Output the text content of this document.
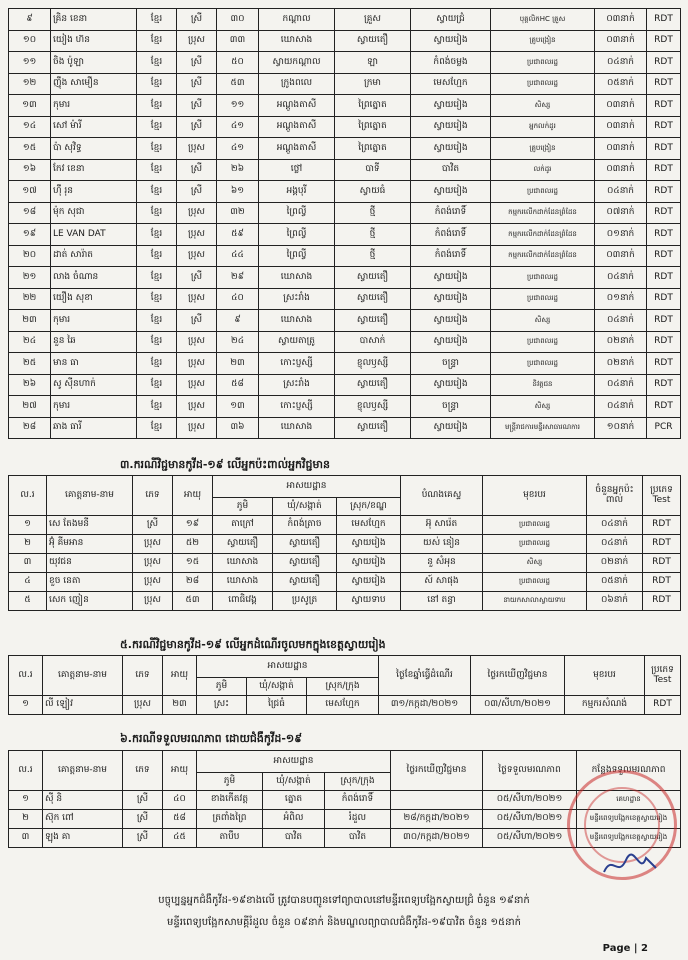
៩	គ្រិន ខេនា	ខ្មែរ	ស្រី	៣០	កណ្តាល	គ្រួស	ស្វាយជ្រំ	បុគ្គលិកHC គ្រួស	០៣នាក់	RDT
១០	យៀង ហ៊ន	ខ្មែរ	ប្រុស	៣៣	ឃោសាង	ស្វាយតឿ	ស្វាយរៀង	គ្រូបង្រៀន	០៣នាក់	RDT
១១	ចិង ប៉ូឡា	ខ្មែរ	ស្រី	៥០	ស្វាយកណ្តាល	ឡា	កំពង់ចម្លង	ប្រជាពលរដ្ឋ	០៤នាក់	RDT
១២	ញ៉ឹង សាមឿន	ខ្មែរ	ស្រី	៥៣	ក្រូងពលេ	ក្រមា	មេសហ្មែក	ប្រជាពលរដ្ឋ	០៥នាក់	RDT
១៣	កុមារ	ខ្មែរ	ស្រី	១១	អណ្តូងតាសី	ព្រៃត្នោត	ស្វាយរៀង	សិស្ស	០៣នាក់	RDT
១៤	សៅ ម៉ារី	ខ្មែរ	ស្រី	៤១	អណ្តូងតាសី	ព្រៃត្នោត	ស្វាយរៀង	អ្នកលក់ដូរ	០៣នាក់	RDT
១៥	ប៉ា សុវិទ្ធ	ខ្មែរ	ប្រុស	៤១	អណ្តូងតាសី	ព្រៃត្នោត	ស្វាយរៀង	គ្រូបង្រៀន	០៣នាក់	RDT
១៦	កែវ ខេនា	ខ្មែរ	ស្រី	២៦	ថ្លៅ	បាទី	បាវិត	លក់ដូរ	០៣នាក់	RDT
១៧	ហ៊ឺ រុន	ខ្មែរ	ស្រី	៦១	អង្គបុរី	ស្វាយធំ	ស្វាយរៀង	ប្រជាពលរដ្ឋ	០៤នាក់	RDT
១៨	ម៉ុក សុជា	ខ្មែរ	ប្រុស	៣២	ព្រៃល្វី	ថ្មី	កំពង់រោទិ៍	កម្មករលើកដាក់ដែនព្រំដែន	០៧នាក់	RDT
១៩	LE VAN DAT	ខ្មែរ	ប្រុស	៥៩	ព្រៃល្វី	ថ្មី	កំពង់រោទិ៍	កម្មករលើកដាក់ដែនព្រំដែន	០១នាក់	RDT
២០	ដាត់ សារ៉ាត	ខ្មែរ	ប្រុស	៤៤	ព្រៃល្វី	ថ្មី	កំពង់រោទិ៍	កម្មករលើកដាក់ដែនព្រំដែន	០៣នាក់	RDT
២១	លាង ចំណាន	ខ្មែរ	ស្រី	២៩	ឃោសាង	ស្វាយតឿ	ស្វាយរៀង	ប្រជាពលរដ្ឋ	០៤នាក់	RDT
២២	យឿង សុខា	ខ្មែរ	ប្រុស	៤០	ស្រះរាំង	ស្វាយតឿ	ស្វាយរៀង	ប្រជាពលរដ្ឋ	០១នាក់	RDT
២៣	កុមារ	ខ្មែរ	ស្រី	៩	ឃោសាង	ស្វាយតឿ	ស្វាយរៀង	សិស្ស	០៤នាក់	RDT
២៤	នួន ឆៃ	ខ្មែរ	ប្រុស	២៤	ស្វាយតាត្រូ	បាសាក់	ស្វាយរៀង	ប្រជាពលរដ្ឋ	០២នាក់	RDT
២៥	មាន ធា	ខ្មែរ	ប្រុស	២៣	កោះប្ញស្សី	ខ្ញុលឫស្សី	ចន្ទ្រា	ប្រជាពលរដ្ឋ	០២នាក់	RDT
២៦	សូ ស៊ីនហាក់	ខ្មែរ	ប្រុស	៥៨	ស្រះរាំង	ស្វាយតឿ	ស្វាយរៀង	និវត្តជន	០៤នាក់	RDT
២៧	កុមារ	ខ្មែរ	ប្រុស	១៣	កោះប្ញស្សី	ខ្ញុលឫស្សី	ចន្ទ្រា	សិស្ស	០៤នាក់	RDT
២៨	ឆាង ធារី	ខ្មែរ	ប្រុស	៣៦	ឃោសាង	ស្វាយតឿ	ស្វាយរៀង	មន្ត្រីរាជការមន្ទីរសាធារណការ	១០នាក់	PCR
៣.ករណីវិជ្ជមានកូវីដ-១៩ លើអ្នកប៉ះពាល់អ្នកវិជ្ជមាន
ល.រ	គោត្តនាម-នាម	ភេទ	អាយុ	អាសយដ្ឋាន			បំណងគេស្ទ	មុខរបរ	ចំនួនអ្នកប៉ះពាល់	ប្រភេទ Test
				ភូមិ	ឃុំ/សង្កាត់	ស្រុក/ខណ្ឌ				
១	សេ តែងមនី	ស្រី	១៩	តាក្រៅ	កំពង់ត្រាច	មេសហ្មែក	អ៊ុ សារ៉េត	ប្រជាពលរដ្ឋ	០៤នាក់	RDT
២	អ៊ុំ គីមអាន	ប្រុស	៥២	ស្វាយតឿ	ស្វាយតឿ	ស្វាយរៀង	យស់ នៀន	ប្រជាពលរដ្ឋ	០៤នាក់	RDT
៣	យុវជន	ប្រុស	១៥	ឃោសាង	ស្វាយតឿ	ស្វាយរៀង	នួ សំអុន	សិស្ស	០២នាក់	RDT
៤	ខួច នេតា	ប្រុស	២៨	ឃោសាង	ស្វាយតឿ	ស្វាយរៀង	ស៍ សាផុង	ប្រជាពលរដ្ឋ	០៥នាក់	RDT
៥	សេក ញៀន	ប្រុស	៥៣	ពោធិវេង្គ	ប្រសូត្រ	ស្វាយទាប	នៅ តន្ធា	នាយកសាលាស្វាយទាប	០៦នាក់	RDT
៥.ករណីវិជ្ជមានកូវីដ-១៩ លើអ្នកដំណើរចូលមកក្នុងខេត្តស្វាយរៀង
ល.រ	គោត្តនាម-នាម	ភេទ	អាយុ	អាសយដ្ឋាន			ថ្ងៃខែឆ្នាំធ្វើដំណើរ	ថ្ងៃរកឃើញវិជ្ជមាន	មុខរបរ	ប្រភេទ Test
				ភូមិ	ឃុំ/សង្កាត់	ស្រុក/ក្រុង				
១	លី ឡៀវ	ប្រុស	២៣	ស្រះ	ជ្រៃធំ	មេសហ្មែក	៣១/កក្កដា/២០២១	០៣/សីហា/២០២១	កម្មករសំណង់	RDT
៦.ករណីទទួលមរណភាព ដោយជំងឺកូវីដ-១៩
ល.រ	គោត្តនាម-នាម	ភេទ	អាយុ	អាសយដ្ឋាន			ថ្ងៃរកឃើញវិជ្ជមាន	ថ្ងៃទទួលមរណភាព	កន្លែងទទួលមរណភាព
				ភូមិ	ឃុំ/សង្កាត់	ស្រុក/ក្រុង			
១	ស៊ី និ	ស្រី	៤០	ខាងកើតវត្ត	ត្នោត	កំពង់រោទិ៍		០៥/សីហា/២០២១	គេហដ្ឋាន
២	ស៊ុក ពៅ	ស្រី	៥៨	ត្រពាំងព្រៃ	អំពិល	រំដួល	២៨/កក្កដា/២០២១	០៥/សីហា/២០២១	មន្ទីរពេទ្យបង្អែកខេត្តស្វាយរៀង
៣	ឡុង គា	ស្រី	៤៥	តាបឹប	បាវិត	បាវិត	៣០/កក្កដា/២០២១	០៥/សីហា/២០២១	មន្ទីរពេទ្យបង្អែកខេត្តស្វាយរៀង
បច្ចុប្បន្នអ្នកជំងឺកូវីដ-១៩ខាងលើ ត្រូវបានបញ្ជូនទៅព្យាបាលនៅមន្ទីរពេទ្យបង្អែកស្វាយជ្រំ ចំនួន ១៩នាក់
មន្ទីរពេទ្យបង្អែកសាមគ្គីរំដួល ចំនួន ០៩នាក់ និងមណ្ឌលព្យាបាលជំងឺកូវីដ-១៩បាវិត ចំនួន ១៥នាក់
Page | 2
